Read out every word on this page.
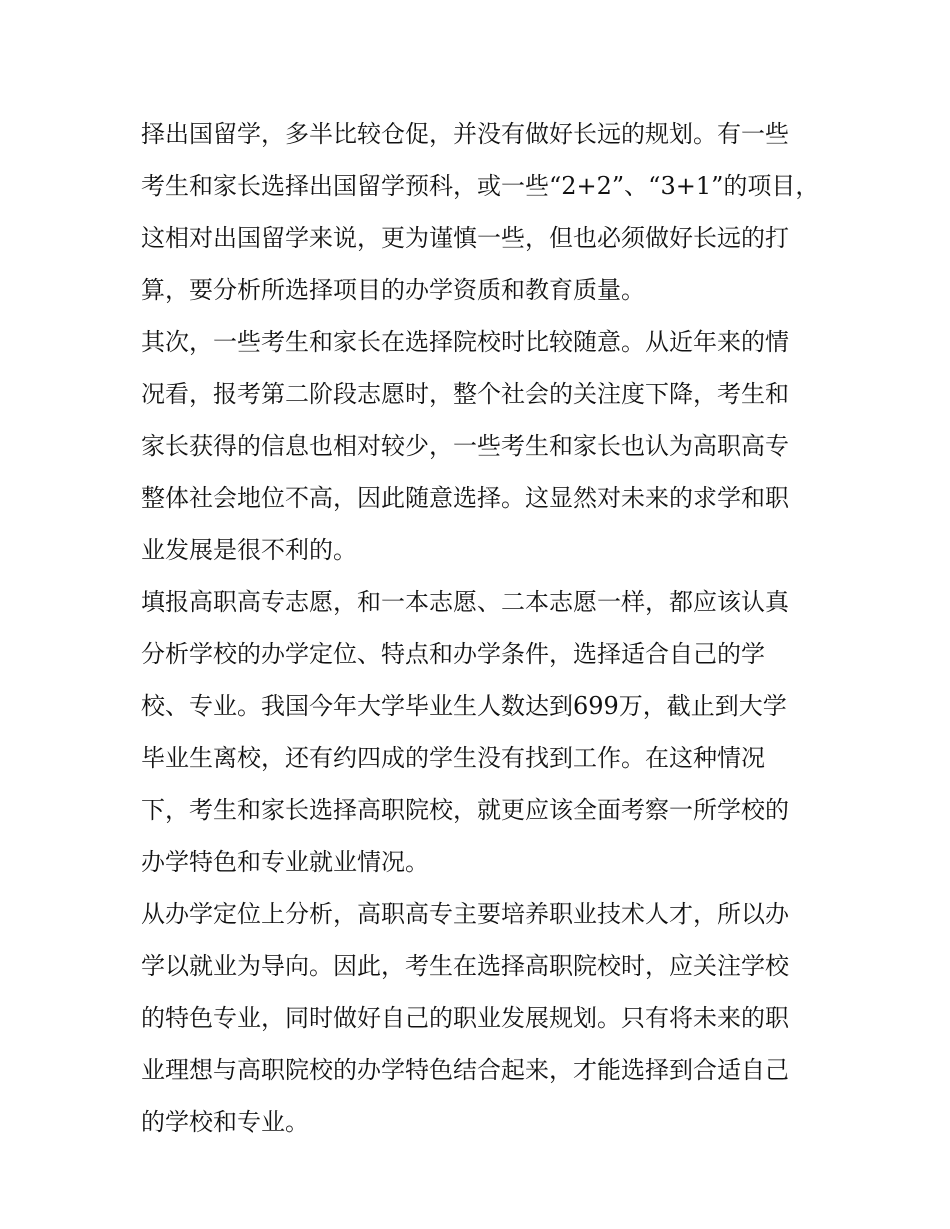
择出国留学，多半比较仓促，并没有做好长远的规划。有一些
考生和家长选择出国留学预科，或一些“2+2”、“3+1”的项目，
这相对出国留学来说，更为谨慎一些，但也必须做好长远的打
算，要分析所选择项目的办学资质和教育质量。
其次，一些考生和家长在选择院校时比较随意。从近年来的情
况看，报考第二阶段志愿时，整个社会的关注度下降，考生和
家长获得的信息也相对较少，一些考生和家长也认为高职高专
整体社会地位不高，因此随意选择。这显然对未来的求学和职
业发展是很不利的。
填报高职高专志愿，和一本志愿、二本志愿一样，都应该认真
分析学校的办学定位、特点和办学条件，选择适合自己的学
校、专业。我国今年大学毕业生人数达到699万，截止到大学
毕业生离校，还有约四成的学生没有找到工作。在这种情况
下，考生和家长选择高职院校，就更应该全面考察一所学校的
办学特色和专业就业情况。
从办学定位上分析，高职高专主要培养职业技术人才，所以办
学以就业为导向。因此，考生在选择高职院校时，应关注学校
的特色专业，同时做好自己的职业发展规划。只有将未来的职
业理想与高职院校的办学特色结合起来，才能选择到合适自己
的学校和专业。
